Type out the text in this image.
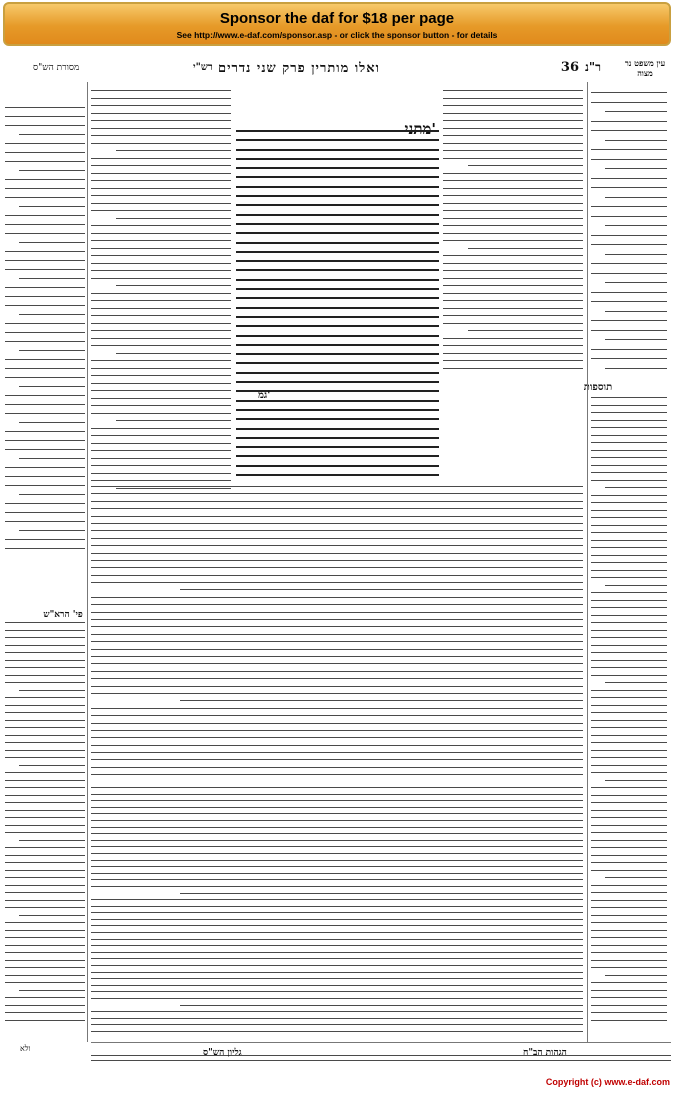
Sponsor the daf for $18 per page
See http://www.e-daf.com/sponsor.asp - or click the sponsor button - for details
מסורת הש"ס	רש"י ואלו מותרין פרק שני נדרים	ר"נ
36	עין משפט נר מצוה
פי' הרא"ש
מתני'
גמ'
תוספות
הגהות הב"ח
גליון הש"ס
ולא
Copyright (c) www.e-daf.com
